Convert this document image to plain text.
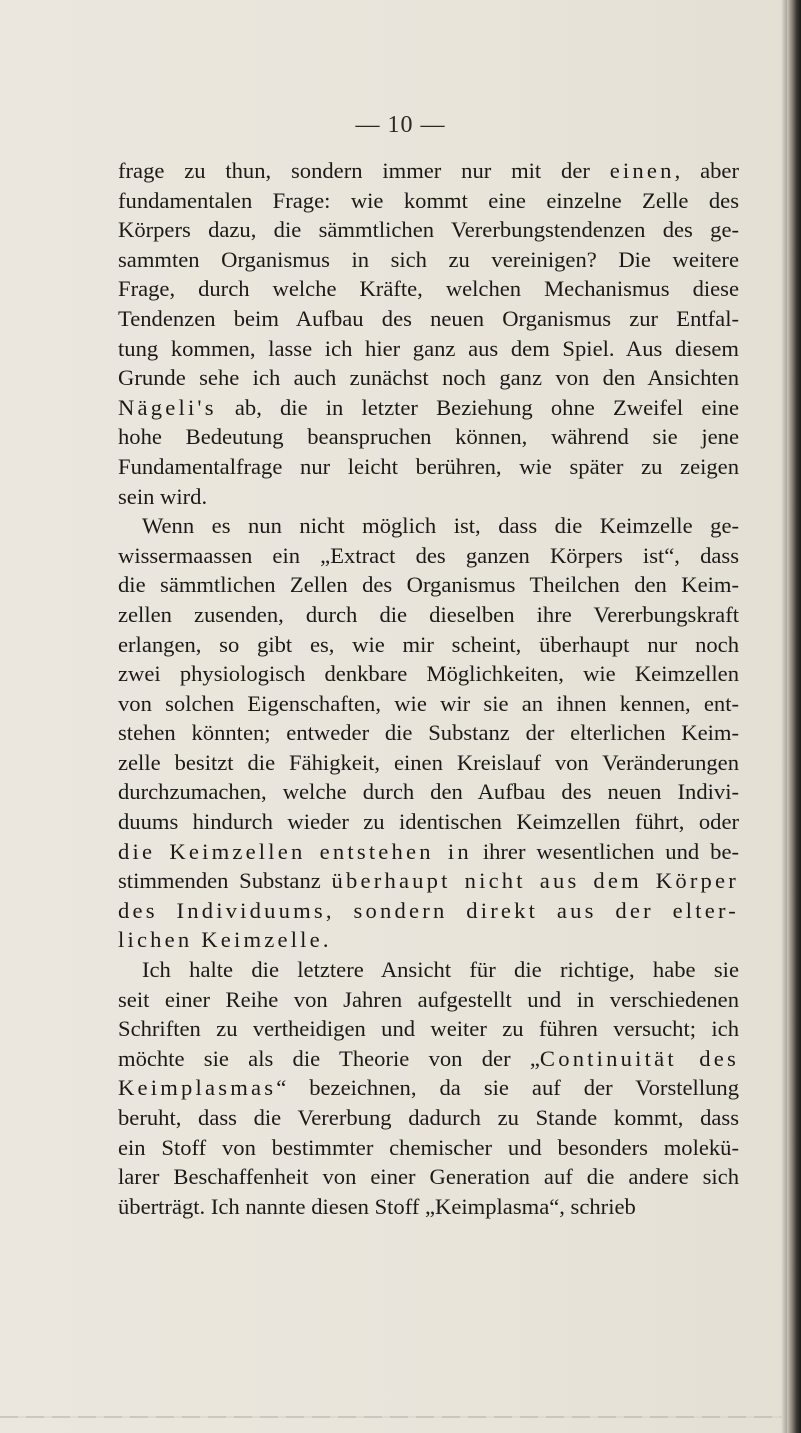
— 10 —
frage zu thun, sondern immer nur mit der einen, aber
fundamentalen Frage: wie kommt eine einzelne Zelle des
Körpers dazu, die sämmtlichen Vererbungstendenzen des ge-
sammten Organismus in sich zu vereinigen? Die weitere
Frage, durch welche Kräfte, welchen Mechanismus diese
Tendenzen beim Aufbau des neuen Organismus zur Entfal-
tung kommen, lasse ich hier ganz aus dem Spiel. Aus diesem
Grunde sehe ich auch zunächst noch ganz von den Ansichten
Nägeli's ab, die in letzter Beziehung ohne Zweifel eine
hohe Bedeutung beanspruchen können, während sie jene
Fundamentalfrage nur leicht berühren, wie später zu zeigen
sein wird.
Wenn es nun nicht möglich ist, dass die Keimzelle ge-
wissermaassen ein „Extract des ganzen Körpers ist“, dass
die sämmtlichen Zellen des Organismus Theilchen den Keim-
zellen zusenden, durch die dieselben ihre Vererbungskraft
erlangen, so gibt es, wie mir scheint, überhaupt nur noch
zwei physiologisch denkbare Möglichkeiten, wie Keimzellen
von solchen Eigenschaften, wie wir sie an ihnen kennen, ent-
stehen könnten; entweder die Substanz der elterlichen Keim-
zelle besitzt die Fähigkeit, einen Kreislauf von Veränderungen
durchzumachen, welche durch den Aufbau des neuen Indivi-
duums hindurch wieder zu identischen Keimzellen führt, oder
die Keimzellen entstehen in ihrer wesentlichen und be-
stimmenden Substanz überhaupt nicht aus dem Körper
des Individuums, sondern direkt aus der elter-
lichen Keimzelle.
Ich halte die letztere Ansicht für die richtige, habe sie
seit einer Reihe von Jahren aufgestellt und in verschiedenen
Schriften zu vertheidigen und weiter zu führen versucht; ich
möchte sie als die Theorie von der „Continuität des
Keimplasmas“ bezeichnen, da sie auf der Vorstellung
beruht, dass die Vererbung dadurch zu Stande kommt, dass
ein Stoff von bestimmter chemischer und besonders molekü-
larer Beschaffenheit von einer Generation auf die andere sich
überträgt. Ich nannte diesen Stoff „Keimplasma“, schrieb
